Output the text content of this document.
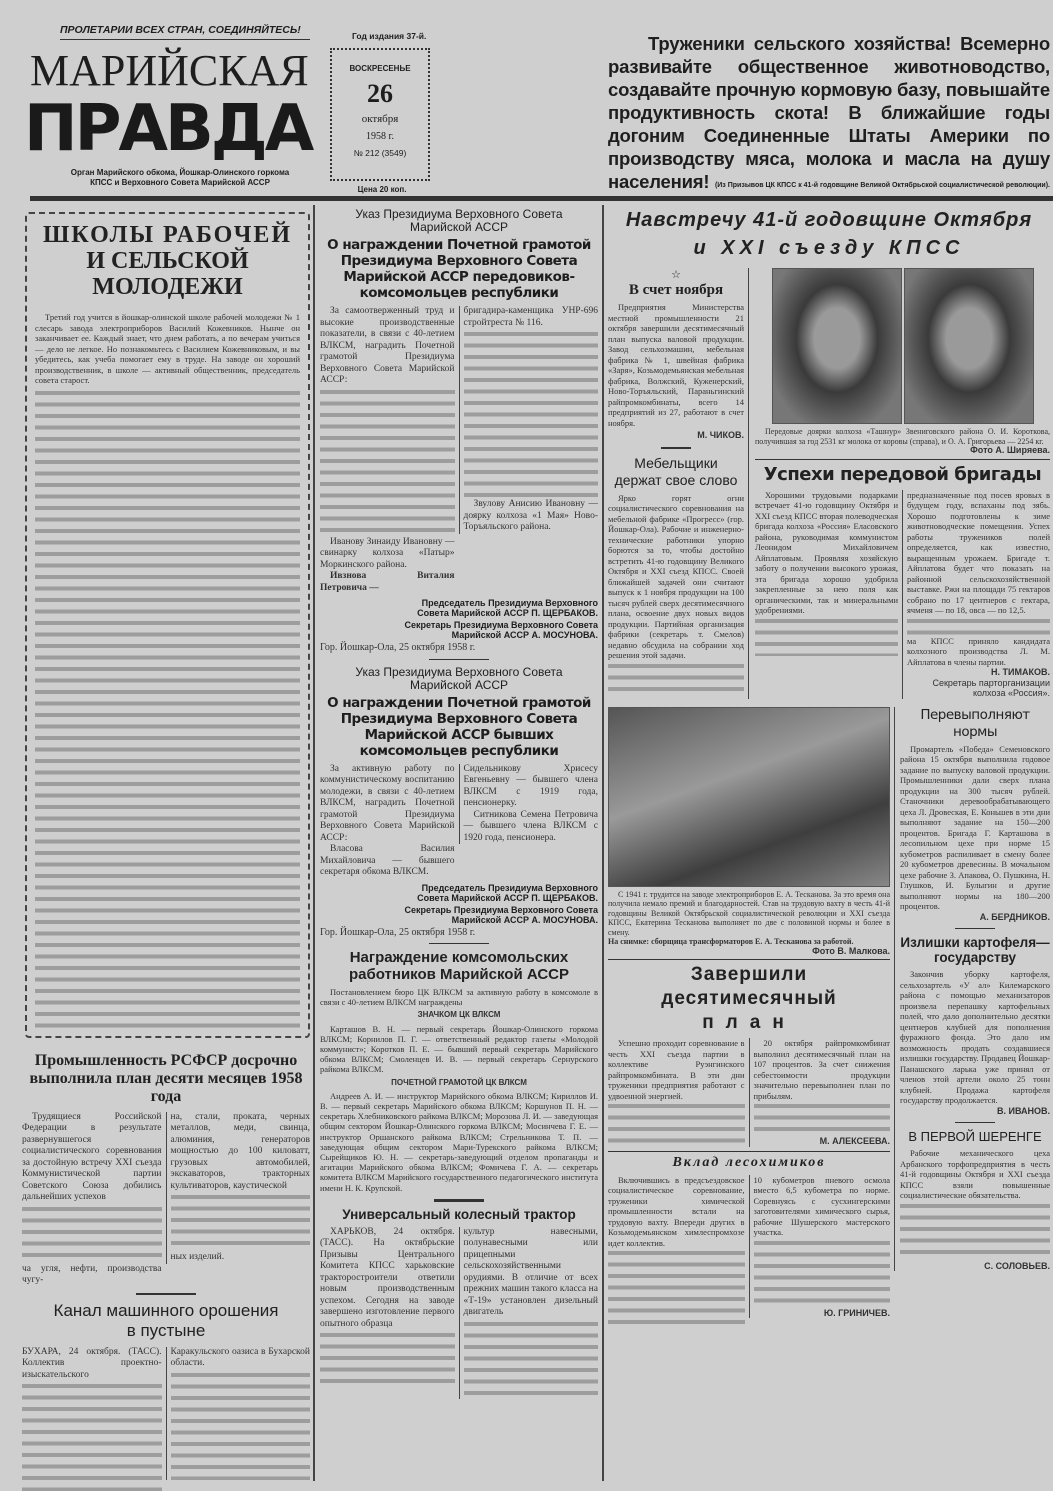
ПРОЛЕТАРИИ ВСЕХ СТРАН, СОЕДИНЯЙТЕСЬ!
МАРИЙСКАЯ
ПРАВДА
Орган Марийского обкома, Йошкар-Олинского горкома КПСС и Верховного Совета Марийской АССР
Год издания 37-й.
ВОСКРЕСЕНЬЕ
26
октября
1958 г.
№ 212 (3549)
Цена 20 коп.
Труженики сельского хозяйства! Всемерно развивайте общественное животноводство, создавайте прочную кормовую базу, повышайте продуктивность скота! В ближайшие годы догоним Соединенные Штаты Америки по производству мяса, молока и масла на душу населения! (Из Призывов ЦК КПСС к 41-й годовщине Великой Октябрьской социалистической революции).
ШКОЛЫ РАБОЧЕЙ
И СЕЛЬСКОЙ МОЛОДЕЖИ
Третий год учится в йошкар-олинской школе рабочей молодежи № 1 слесарь завода электроприборов Василий Кожевников. Нынче он заканчивает ее. Каждый знает, что днем работать, а по вечерам учиться — дело не легкое. Но познакомьтесь с Василием Кожевниковым, и вы убедитесь, как учеба помогает ему в труде. На заводе он хороший производственник, в школе — активный общественник, председатель совета старост.
Промышленность РСФСР досрочно выполнила план десяти месяцев 1958 года
Трудящиеся Российской Федерации в результате развернувшегося социалистического соревнования за достойную встречу XXI съезда Коммунистической партии Советского Союза добились дальнейших успехов
ча угля, нефти, производства чугу-
на, стали, проката, черных металлов, меди, свинца, алюминия, генераторов мощностью до 100 киловатт, грузовых автомобилей, экскаваторов, тракторных культиваторов, каустической
ных изделий.
Канал машинного орошения
в пустыне
БУХАРА, 24 октября. (ТАСС). Коллектив проектно-изыскательского
Каракульского оазиса в Бухарской области.
Указ Президиума Верховного Совета
Марийской АССР
О награждении Почетной грамотой Президиума Верховного Совета Марийской АССР передовиков-комсомольцев республики
За самоотверженный труд и высокие производственные показатели, в связи с 40-летием ВЛКСМ, наградить Почетной грамотой Президиума Верховного Совета Марийской АССР:
Иванову Зинаиду Ивановну — свинарку колхоза «Патыр» Моркинского района.
Ивзнова Виталия Петровича —
бригадира-каменщика УНР-696 стройтреста № 116.
Звулову Анисию Ивановну — доярку колхоза «1 Мая» Ново-Торъяльского района.
Председатель Президиума Верховного Совета Марийской АССР П. ЩЕРБАКОВ.
Секретарь Президиума Верховного Совета Марийской АССР А. МОСУНОВА.
Гор. Йошкар-Ола, 25 октября 1958 г.
Указ Президиума Верховного Совета
Марийской АССР
О награждении Почетной грамотой Президиума Верховного Совета Марийской АССР бывших комсомольцев республики
За активную работу по коммунистическому воспитанию молодежи, в связи с 40-летием ВЛКСМ, наградить Почетной грамотой Президиума Верховного Совета Марийской АССР:
Власова Василия Михайловича — бывшего секретаря обкома ВЛКСМ.
Сидельникову Хрисесу Евгеньевну — бывшего члена ВЛКСМ с 1919 года, пенсионерку.
Ситникова Семена Петровича — бывшего члена ВЛКСМ с 1920 года, пенсионера.
Председатель Президиума Верховного Совета Марийской АССР П. ЩЕРБАКОВ.
Секретарь Президиума Верховного Совета Марийской АССР А. МОСУНОВА.
Гор. Йошкар-Ола, 25 октября 1958 г.
Награждение комсомольских работников Марийской АССР
Постановлением бюро ЦК ВЛКСМ за активную работу в комсомоле в связи с 40-летием ВЛКСМ награждены
ЗНАЧКОМ ЦК ВЛКСМ
Карташов В. Н. — первый секретарь Йошкар-Олинского горкома ВЛКСМ; Корнилов П. Г. — ответственный редактор газеты «Молодой коммунист»; Коротков П. Е. — бывший первый секретарь Марийского обкома ВЛКСМ; Смоленцев И. В. — первый секретарь Сернурского райкома ВЛКСМ.
ПОЧЕТНОЙ ГРАМОТОЙ ЦК ВЛКСМ
Андреев А. И. — инструктор Марийского обкома ВЛКСМ; Кириллов И. В. — первый секретарь Марийского обкома ВЛКСМ; Коршунов П. Н. — секретарь Хлебниковского райкома ВЛКСМ; Морозова Л. И. — заведующая общим сектором Йошкар-Олинского горкома ВЛКСМ; Мосинчева Г. Е. — инструктор Оршанского райкома ВЛКСМ; Стрельникова Т. П. — заведующая общим сектором Мари-Турекского райкома ВЛКСМ; Сырейщиков Ю. Н. — секретарь-заведующий отделом пропаганды и агитации Марийского обкома ВЛКСМ; Фомичева Г. А. — секретарь комитета ВЛКСМ Марийского государственного педагогического института имени Н. К. Крупской.
Универсальный колесный трактор
ХАРЬКОВ, 24 октября. (ТАСС). На октябрьские Призывы Центрального Комитета КПСС харьковские тракторостроители ответили новым производственным успехом. Сегодня на заводе завершено изготовление первого опытного образца
культур навесными, полунавесными или прицепными сельскохозяйственными орудиями. В отличие от всех прежних машин такого класса на «Т-19» установлен дизельный двигатель
Навстречу 41-й годовщине Октября
и XXI съезду КПСС
☆
В счет ноября
Предприятия Министерства местной промышленности 21 октября завершили десятимесячный план выпуска валовой продукции. Завод сельхозмашин, мебельная фабрика № 1, швейная фабрика «Заря», Козьмодемьянская мебельная фабрика, Волжский, Куженерский, Ново-Торъяльский, Параньгинский райпромкомбинаты, всего 14 предприятий из 27, работают в счет ноября.
М. ЧИКОВ.
Мебельщики
держат свое слово
Ярко горят огни социалистического соревнования на мебельной фабрике «Прогресс» (гор. Йошкар-Ола). Рабочие и инженерно-технические работники упорно борются за то, чтобы достойно встретить 41-ю годовщину Великого Октября и XXI съезд КПСС. Своей ближайшей задачей они считают выпуск к 1 ноября продукции на 100 тысяч рублей сверх десятимесячного плана, освоение двух новых видов продукции. Партийная организация фабрики (секретарь т. Смелов) недавно обсудила на собрании ход решения этой задачи.
Передовые доярки колхоза «Ташнур» Звениговского района О. И. Короткова, получившая за год 2531 кг молока от коровы (справа), и О. А. Григорьева — 2254 кг.
Фото А. Ширяева.
Успехи передовой бригады
Хорошими трудовыми подарками встречает 41-ю годовщину Октября и XXI съезд КПСС вторая полеводческая бригада колхоза «Россия» Еласовского района, руководимая коммунистом Леонидом Михайловичем Айплатовым. Проявляя хозяйскую заботу о получении высокого урожая, эта бригада хорошо удобрила закрепленные за нею поля как органическими, так и минеральными удобрениями.
предназначенные под посев яровых в будущем году, вспаханы под зябь. Хорошо подготовлены к зиме животноводческие помещения. Успех работы тружеников полей определяется, как известно, выращенным урожаем. Бригаде т. Айплатова будет что показать на районной сельскохозяйственной выставке. Ржи на площади 75 гектаров собрано по 17 центнеров с гектара, ячменя — по 18, овса — по 12,5.
ма КПСС приняло кандидата колхозного производства Л. М. Айплатова в члены партии.
Н. ТИМАКОВ.
Секретарь парторганизации колхоза «Россия».
С 1941 г. трудится на заводе электроприборов Е. А. Тесканова. За это время она получила немало премий и благодарностей. Став на трудовую вахту в честь 41-й годовщины Великой Октябрьской социалистической революции и XXI съезда КПСС, Екатерина Тесканова выполняет по две с половиной нормы и более в смену.
На снимке: сборщица трансформаторов Е. А. Тесканова за работой.
Фото В. Малкова.
Завершили десятимесячный
план
Успешно проходит соревнование в честь XXI съезда партии в коллективе Руэнгинского райпромкомбината. В эти дни труженики предприятия работают с удвоенной энергией.
20 октября райпромкомбинат выполнил десятимесячный план на 107 процентов. За счет снижения себестоимости продукции значительно перевыполнен план по прибылям.
М. АЛЕКСЕЕВА.
Вклад лесохимиков
Включившись в предсъездовское социалистическое соревнование, труженики химической промышленности встали на трудовую вахту. Впереди других в Козьмодемьянском химлеспромхозе идет коллектив.
10 кубометров пневого осмола вместо 6,5 кубометра по норме. Соревнуясь с сусхингерскими заготовителями химического сырья, рабочие Шушерского мастерского участка.
Ю. ГРИНИЧЕВ.
Перевыполняют нормы
Промартель «Победа» Семеновского района 15 октября выполнила годовое задание по выпуску валовой продукции. Промышленники дали сверх плана продукции на 300 тысяч рублей. Станочники деревообрабатывающего цеха Л. Дровеская, Е. Коньшев в эти дни выполняют задание на 150—200 процентов. Бригада Г. Карташова в лесопильном цехе при норме 15 кубометров распиливает в смену более 20 кубометров древесины. В мочальном цехе рабочие З. Апакова, О. Пушкина, Н. Глушков, И. Булыгин и другие выполняют нормы на 180—200 процентов.
А. БЕРДНИКОВ.
Излишки картофеля— государству
Закончив уборку картофеля, сельхозартель «У ал» Килемарского района с помощью механизаторов произвела перепашку картофельных полей, что дало дополнительно десятки центнеров клубней для пополнения фуражного фонда. Это дало им возможность продать создавшиеся излишки государству. Продавец Йошкар-Панашского ларька уже принял от членов этой артели около 25 тонн клубней. Продажа картофеля государству продолжается.
В. ИВАНОВ.
В ПЕРВОЙ ШЕРЕНГЕ
Рабочие механического цеха Арбанского торфопредприятия в честь 41-й годовщины Октября и XXI съезда КПСС взяли повышенные социалистические обязательства.
С. СОЛОВЬЕВ.
